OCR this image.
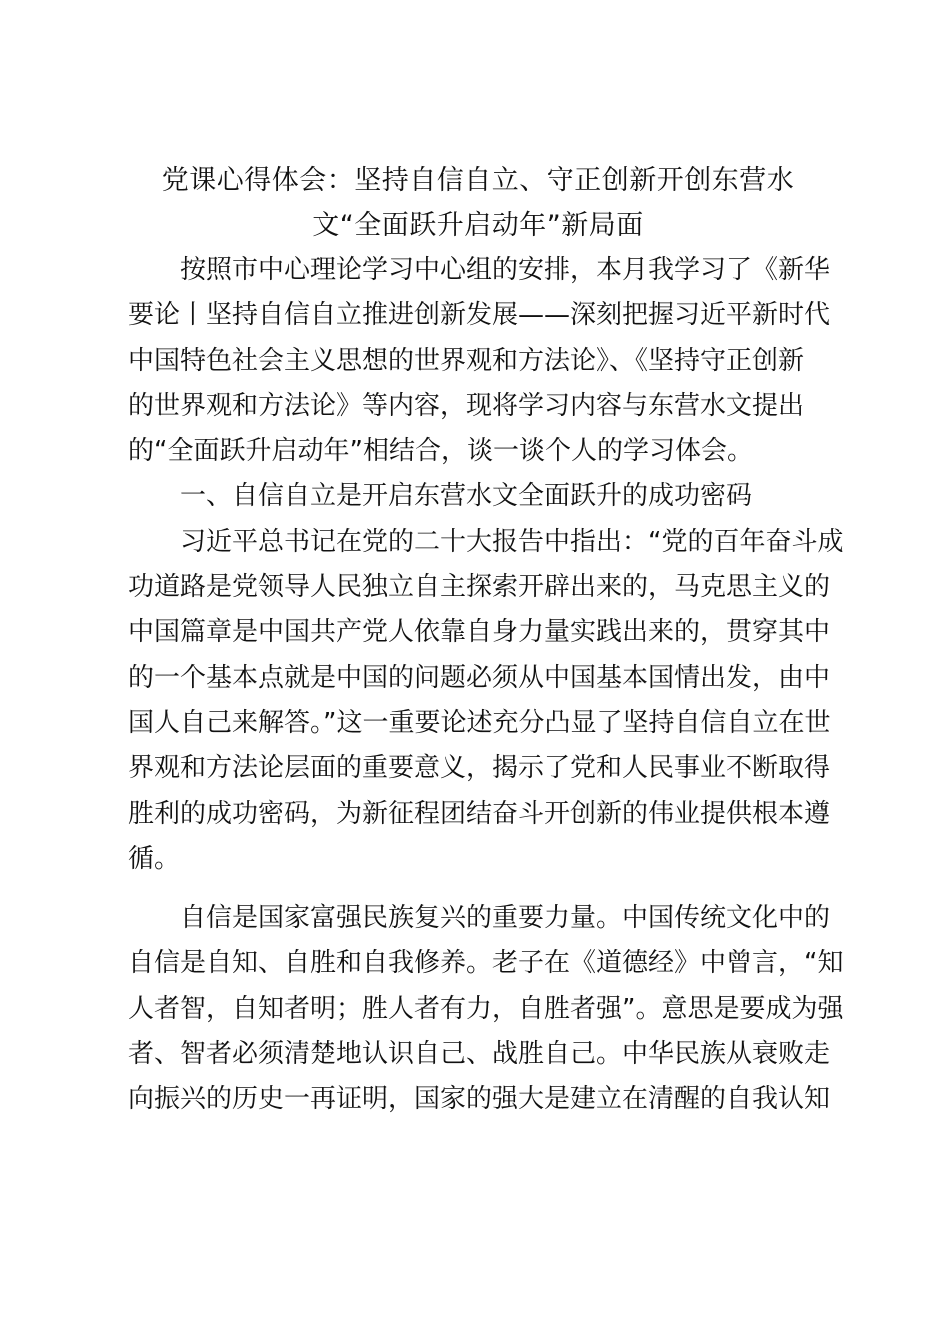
党课心得体会：坚持自信自立、守正创新开创东营水
文“全面跃升启动年”新局面

　　按照市中心理论学习中心组的安排，本月我学习了《新华
要论丨坚持自信自立推进创新发展——深刻把握习近平新时代
中国特色社会主义思想的世界观和方法论》、《坚持守正创新
的世界观和方法论》等内容，现将学习内容与东营水文提出
的“全面跃升启动年”相结合，谈一谈个人的学习体会。

　　一、自信自立是开启东营水文全面跃升的成功密码

　　习近平总书记在党的二十大报告中指出：“党的百年奋斗成
功道路是党领导人民独立自主探索开辟出来的，马克思主义的
中国篇章是中国共产党人依靠自身力量实践出来的，贯穿其中
的一个基本点就是中国的问题必须从中国基本国情出发，由中
国人自己来解答。”这一重要论述充分凸显了坚持自信自立在世
界观和方法论层面的重要意义，揭示了党和人民事业不断取得
胜利的成功密码，为新征程团结奋斗开创新的伟业提供根本遵
循。

　　自信是国家富强民族复兴的重要力量。中国传统文化中的
自信是自知、自胜和自我修养。老子在《道德经》中曾言，“知
人者智，自知者明；胜人者有力，自胜者强”。意思是要成为强
者、智者必须清楚地认识自己、战胜自己。中华民族从衰败走
向振兴的历史一再证明，国家的强大是建立在清醒的自我认知
